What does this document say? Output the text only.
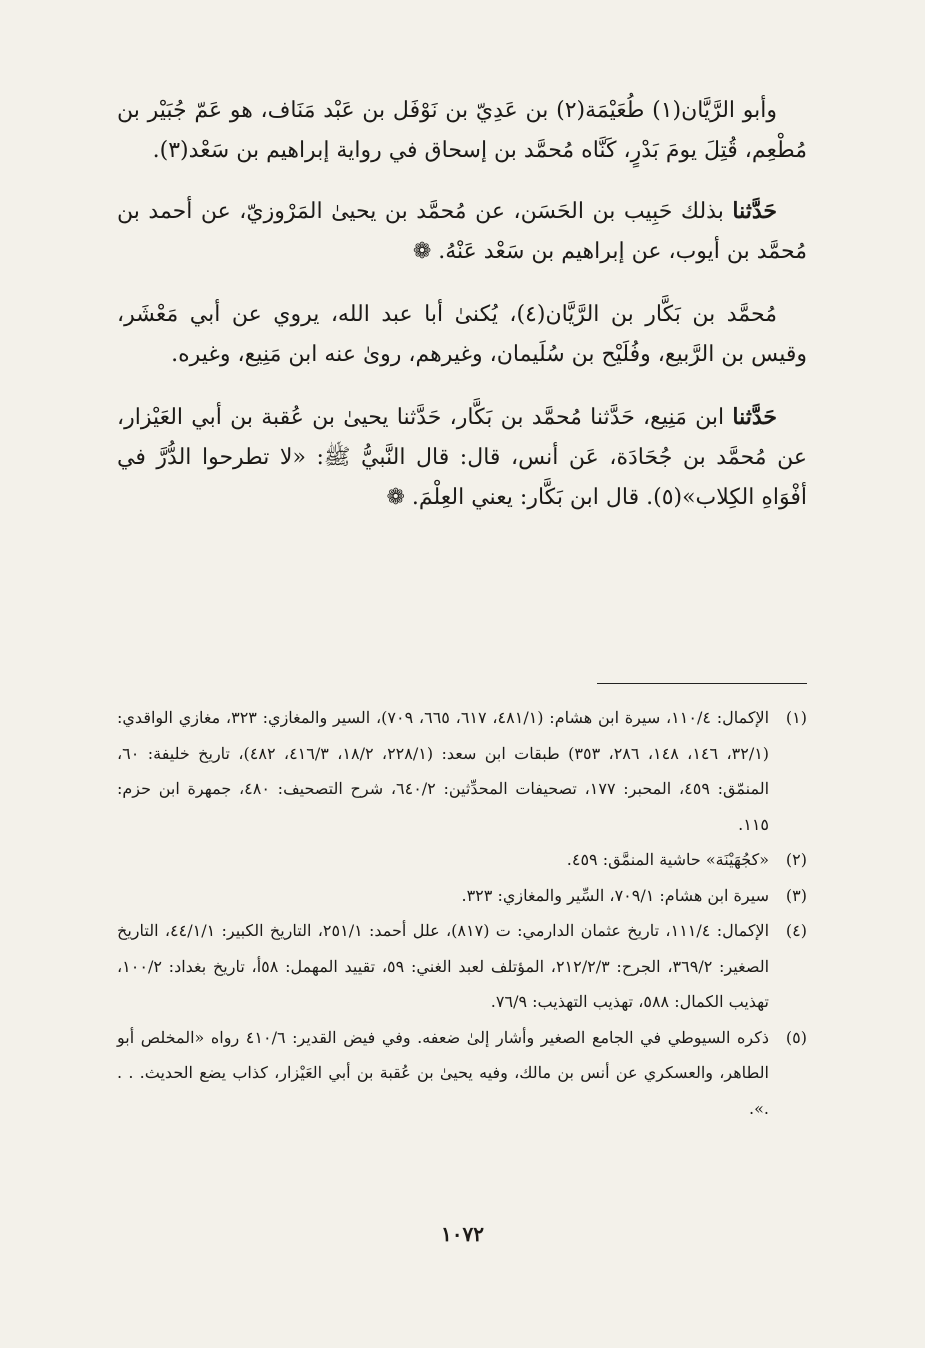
وأبو الرَّيَّان(١) طُعَيْمَة(٢) بن عَدِيّ بن نَوْفَل بن عَبْد مَنَاف، هو عَمّ جُبَيْر بن مُطْعِم، قُتِلَ يومَ بَدْرٍ، كَنَّاه مُحمَّد بن إسحاق في رواية إبراهيم بن سَعْد(٣).

حَدَّثنا بذلك حَبِيب بن الحَسَن، عن مُحمَّد بن يحيىٰ المَرْوزيّ، عن أحمد بن مُحمَّد بن أيوب، عن إبراهيم بن سَعْد عَنْهُ. ❁

مُحمَّد بن بَكَّار بن الرَّيَّان(٤)، يُكنىٰ أبا عبد الله، يروي عن أبي مَعْشَر، وقيس بن الرَّبيع، وفُلَيْح بن سُلَيمان، وغيرهم، روىٰ عنه ابن مَنِيع، وغيره.

حَدَّثنا ابن مَنِيع، حَدَّثنا مُحمَّد بن بَكَّار، حَدَّثنا يحيىٰ بن عُقبة بن أبي العَيْزار، عن مُحمَّد بن جُحَادَة، عَن أنس، قال: قال النَّبيُّ ﷺ: «لا تطرحوا الدُّرَّ في أفْوَاهِ الكِلاب»(٥). قال ابن بَكَّار: يعني العِلْمَ. ❁

(١)
الإكمال: ١١٠/٤، سيرة ابن هشام: (٤٨١/١، ٦١٧، ٦٦٥، ٧٠٩)، السير والمغازي: ٣٢٣، مغازي الواقدي: (٣٢/١، ١٤٦، ١٤٨، ٢٨٦، ٣٥٣) طبقات ابن سعد: (٢٢٨/١، ١٨/٢، ٤١٦/٣، ٤٨٢)، تاريخ خليفة: ٦٠، المنمّق: ٤٥٩، المحبر: ١٧٧، تصحيفات المحدِّثين: ٦٤٠/٢، شرح التصحيف: ٤٨٠، جمهرة ابن حزم: ١١٥.
(٢)
«كجُهَيْنَة» حاشية المنمَّق: ٤٥٩.
(٣)
سيرة ابن هشام: ٧٠٩/١، السِّير والمغازي: ٣٢٣.
(٤)
الإكمال: ١١١/٤، تاريخ عثمان الدارمي: ت (٨١٧)، علل أحمد: ٢٥١/١، التاريخ الكبير: ٤٤/١/١، التاريخ الصغير: ٣٦٩/٢، الجرح: ٢١٢/٢/٣، المؤتلف لعبد الغني: ٥٩، تقييد المهمل: ٥٨أ، تاريخ بغداد: ١٠٠/٢، تهذيب الكمال: ٥٨٨، تهذيب التهذيب: ٧٦/٩.
(٥)
ذكره السيوطي في الجامع الصغير وأشار إلىٰ ضعفه. وفي فيض القدير: ٤١٠/٦ رواه «المخلص أبو الطاهر، والعسكري عن أنس بن مالك، وفيه يحيىٰ بن عُقبة بن أبي العَيْزار، كذاب يضع الحديث. . . .».
١٠٧٢
